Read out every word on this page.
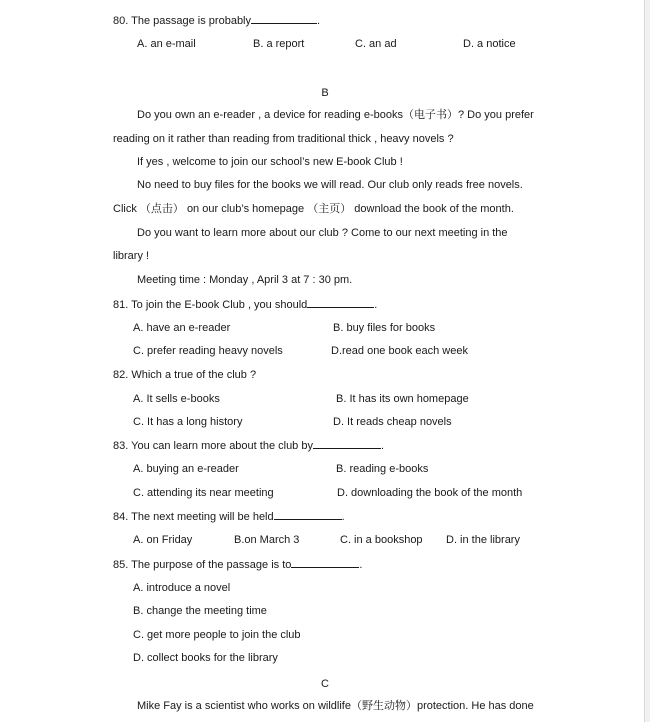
80. The passage is probably	.
A. an e-mail	B. a report	C. an ad	D. a notice
B
Do you own an e-reader , a device for reading e-books（电子书）? Do you prefer
reading on it rather than reading from traditional thick , heavy novels ?
If yes , welcome to join our school’s new E-book Club !
No need to buy files for the books we will read. Our club only reads free novels.
Click （点击） on our club’s homepage （主页） download the book of the month.
Do you want to learn more about our club ? Come to our next meeting in the
library !
Meeting time : Monday , April 3 at 7 : 30 pm.
81. To join the E-book Club , you should	.
A. have an e-reader	B. buy files for books
C. prefer reading heavy novels	D.read one book each week
82. Which a true of the club ?
A. It sells e-books	B. It has its own homepage
C. It has a long history	D. It reads cheap novels
83. You can learn more about the club by	.
A. buying an e-reader	B. reading e-books
C. attending its near meeting	D. downloading the book of the month
84. The next meeting will be held	.
A. on Friday	B.on March 3	C. in a bookshop D. in the library
85. The purpose of the passage is to	.
A. introduce a novel
B. change the meeting time
C. get more people to join the club
D. collect books for the library
C
Mike Fay is a scientist who works on wildlife（野生动物）protection. He has done
